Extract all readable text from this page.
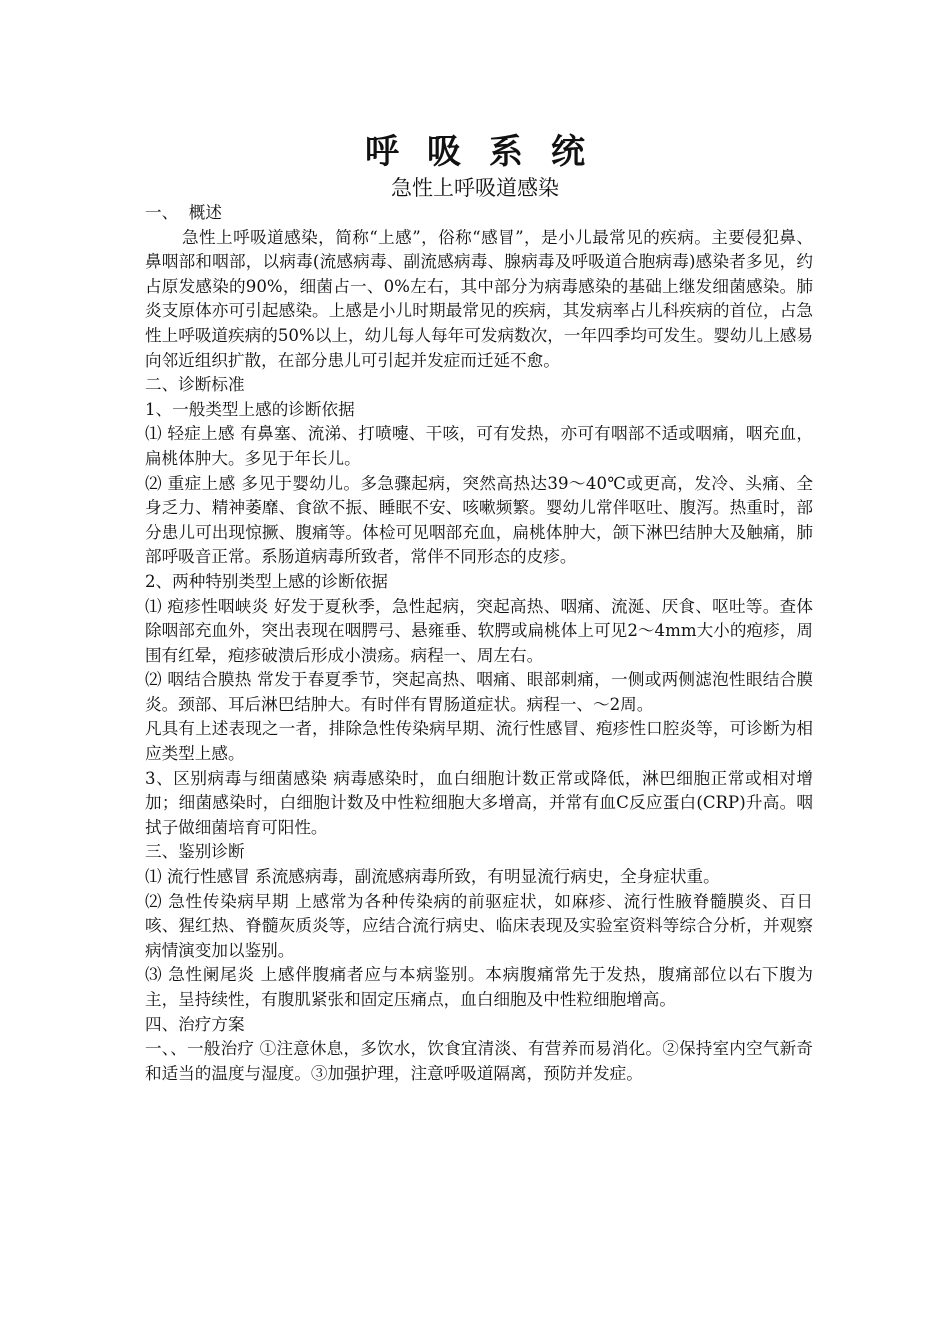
呼吸系统
急性上呼吸道感染

一、  概述

急性上呼吸道感染，简称“上感”，俗称“感冒”，是小儿最常见的疾病。主要侵犯鼻、鼻咽部和咽部，以病毒(流感病毒、副流感病毒、腺病毒及呼吸道合胞病毒)感染者多见，约占原发感染的90%，细菌占一、0%左右，其中部分为病毒感染的基础上继发细菌感染。肺炎支原体亦可引起感染。上感是小儿时期最常见的疾病，其发病率占儿科疾病的首位，占急性上呼吸道疾病的50%以上，幼儿每人每年可发病数次，一年四季均可发生。婴幼儿上感易向邻近组织扩散，在部分患儿可引起并发症而迁延不愈。

二、诊断标准

1、一般类型上感的诊断依据

⑴ 轻症上感 有鼻塞、流涕、打喷嚏、干咳，可有发热，亦可有咽部不适或咽痛，咽充血，扁桃体肿大。多见于年长儿。

⑵ 重症上感 多见于婴幼儿。多急骤起病，突然高热达39～40℃或更高，发冷、头痛、全身乏力、精神萎靡、食欲不振、睡眠不安、咳嗽频繁。婴幼儿常伴呕吐、腹泻。热重时，部分患儿可出现惊撅、腹痛等。体检可见咽部充血，扁桃体肿大，颌下淋巴结肿大及触痛，肺部呼吸音正常。系肠道病毒所致者，常伴不同形态的皮疹。

2、两种特别类型上感的诊断依据

⑴ 疱疹性咽峡炎 好发于夏秋季，急性起病，突起高热、咽痛、流涎、厌食、呕吐等。查体除咽部充血外，突出表现在咽腭弓、悬雍垂、软腭或扁桃体上可见2～4mm大小的疱疹，周围有红晕，疱疹破溃后形成小溃疡。病程一、周左右。

⑵ 咽结合膜热 常发于春夏季节，突起高热、咽痛、眼部刺痛，一侧或两侧滤泡性眼结合膜炎。颈部、耳后淋巴结肿大。有时伴有胃肠道症状。病程一、～2周。

凡具有上述表现之一者，排除急性传染病早期、流行性感冒、疱疹性口腔炎等，可诊断为相应类型上感。

3、区别病毒与细菌感染 病毒感染时，血白细胞计数正常或降低，淋巴细胞正常或相对增加；细菌感染时，白细胞计数及中性粒细胞大多增高，并常有血C反应蛋白(CRP)升高。咽拭子做细菌培育可阳性。

三、鉴别诊断

⑴ 流行性感冒 系流感病毒，副流感病毒所致，有明显流行病史，全身症状重。

⑵ 急性传染病早期 上感常为各种传染病的前驱症状，如麻疹、流行性腋脊髓膜炎、百日咳、猩红热、脊髓灰质炎等，应结合流行病史、临床表现及实验室资料等综合分析，并观察病情演变加以鉴别。

⑶ 急性阑尾炎 上感伴腹痛者应与本病鉴别。本病腹痛常先于发热，腹痛部位以右下腹为主，呈持续性，有腹肌紧张和固定压痛点，血白细胞及中性粒细胞增高。

四、治疗方案

一、、一般治疗 ①注意休息，多饮水，饮食宜清淡、有营养而易消化。②保持室内空气新奇和适当的温度与湿度。③加强护理，注意呼吸道隔离，预防并发症。
